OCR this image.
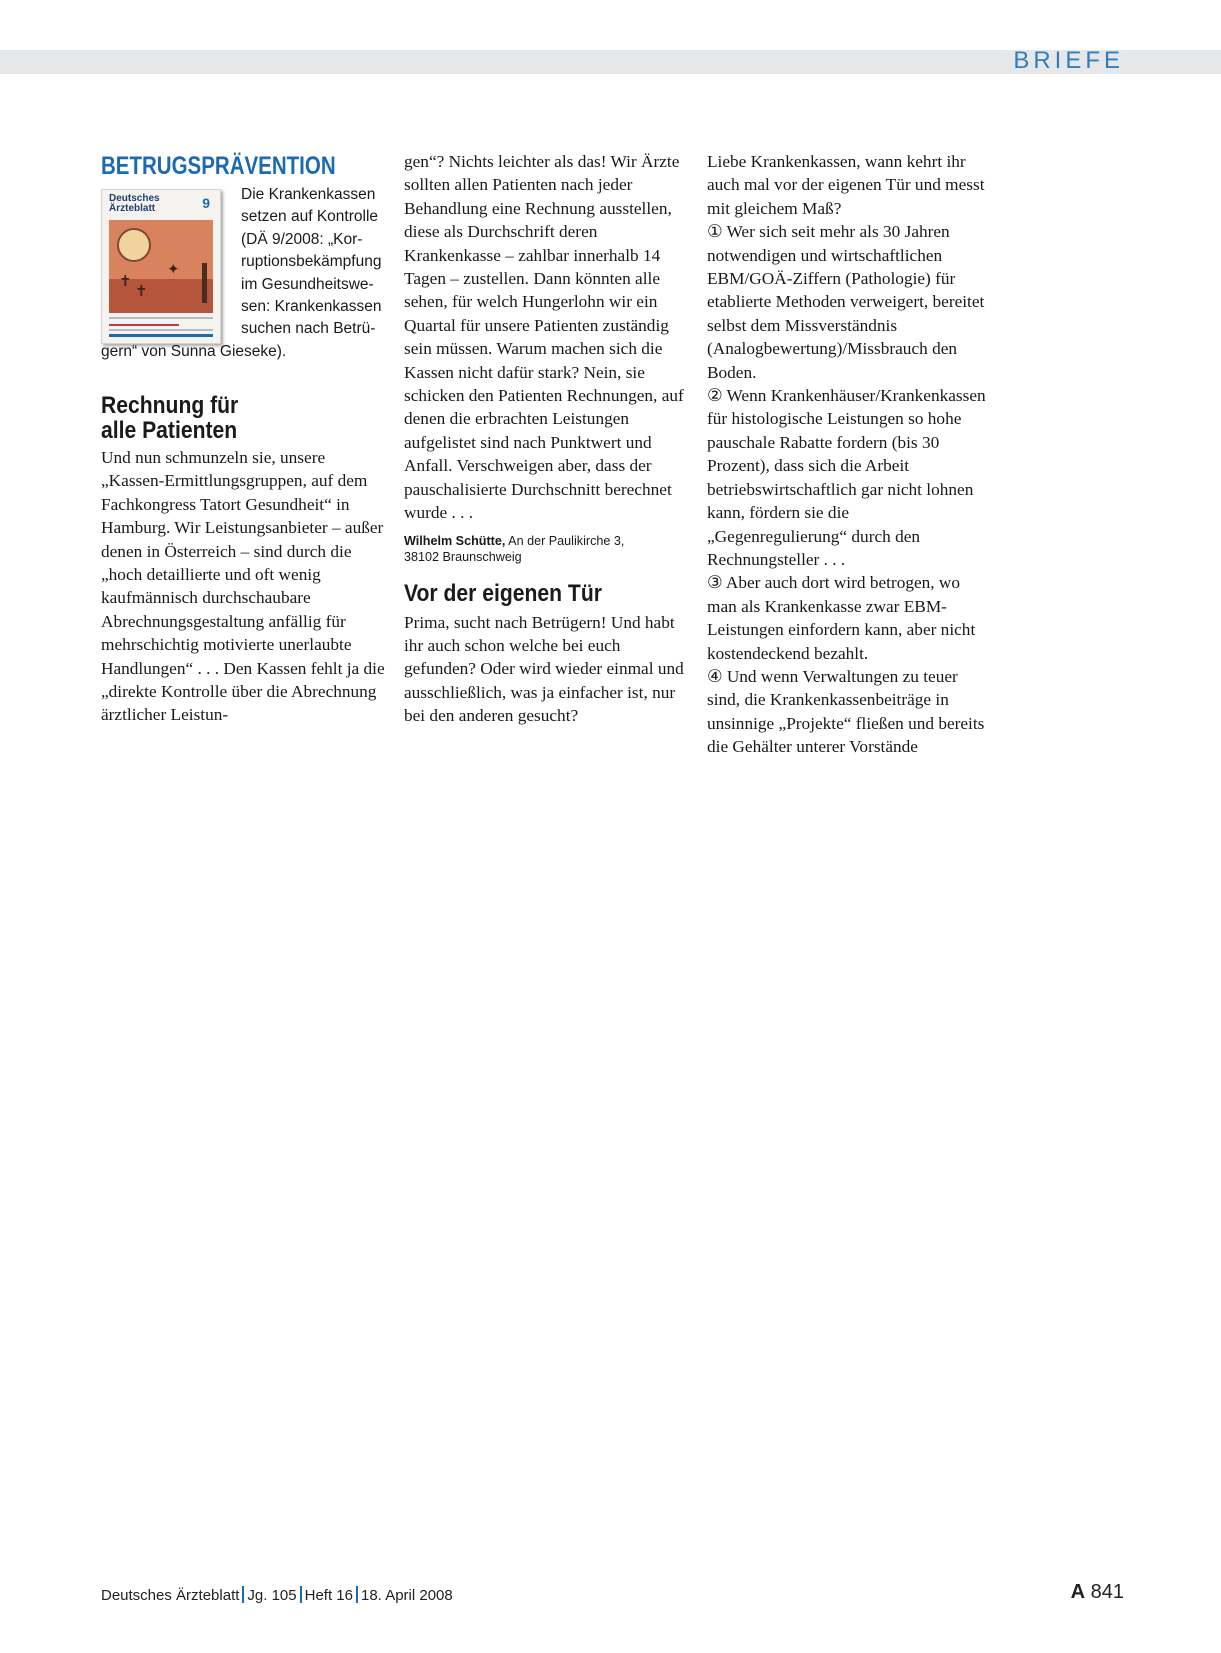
BRIEFE
BETRUGSPRÄVENTION
Deutsches Ärzteblatt	9
✝
✝
✦
Die Krankenkassen
setzen auf Kontrolle
(DÄ 9/2008: „Kor-
ruptionsbekämpfung
im Gesundheitswe-
sen: Krankenkassen
suchen nach Betrü-
gern“ von Sunna Gieseke).
Rechnung für
alle Patienten

Und nun schmunzeln sie, unsere „Kassen-Ermittlungsgruppen, auf dem Fachkongress Tatort Gesundheit“ in Hamburg. Wir Leistungsanbieter – außer denen in Österreich – sind durch die „hoch detaillierte und oft wenig kaufmännisch durchschaubare Abrechnungsgestaltung anfällig für mehrschichtig motivierte unerlaubte Handlungen“ . . . Den Kassen fehlt ja die „direkte Kontrolle über die Abrechnung ärztlicher Leistun-

gen“? Nichts leichter als das! Wir Ärzte sollten allen Patienten nach jeder Behandlung eine Rechnung ausstellen, diese als Durchschrift deren Krankenkasse – zahlbar innerhalb 14 Tagen – zustellen. Dann könnten alle sehen, für welch Hungerlohn wir ein Quartal für unsere Patienten zuständig sein müssen. Warum machen sich die Kassen nicht dafür stark? Nein, sie schicken den Patienten Rechnungen, auf denen die erbrachten Leistungen aufgelistet sind nach Punktwert und Anfall. Verschweigen aber, dass der pauschalisierte Durchschnitt berechnet wurde . . .

Wilhelm Schütte, An der Paulikirche 3,
38102 Braunschweig

Vor der eigenen Tür

Prima, sucht nach Betrügern! Und habt ihr auch schon welche bei euch gefunden? Oder wird wieder einmal und ausschließlich, was ja einfacher ist, nur bei den anderen gesucht?

Liebe Krankenkassen, wann kehrt ihr auch mal vor der eigenen Tür und messt mit gleichem Maß?

① Wer sich seit mehr als 30 Jahren notwendigen und wirtschaftlichen EBM/GOÄ-Ziffern (Pathologie) für etablierte Methoden verweigert, bereitet selbst dem Missverständnis (Analogbewertung)/Missbrauch den Boden.

② Wenn Krankenhäuser/Krankenkassen für histologische Leistungen so hohe pauschale Rabatte fordern (bis 30 Prozent), dass sich die Arbeit betriebswirtschaftlich gar nicht lohnen kann, fördern sie die „Gegenregulierung“ durch den Rechnungsteller . . .

③ Aber auch dort wird betrogen, wo man als Krankenkasse zwar EBM-Leistungen einfordern kann, aber nicht kostendeckend bezahlt.

④ Und wenn Verwaltungen zu teuer sind, die Krankenkassenbeiträge in unsinnige „Projekte“ fließen und bereits die Gehälter unterer Vorstände

Deutsches Ärzteblatt Jg. 105 Heft 16 18. April 2008	A 841
